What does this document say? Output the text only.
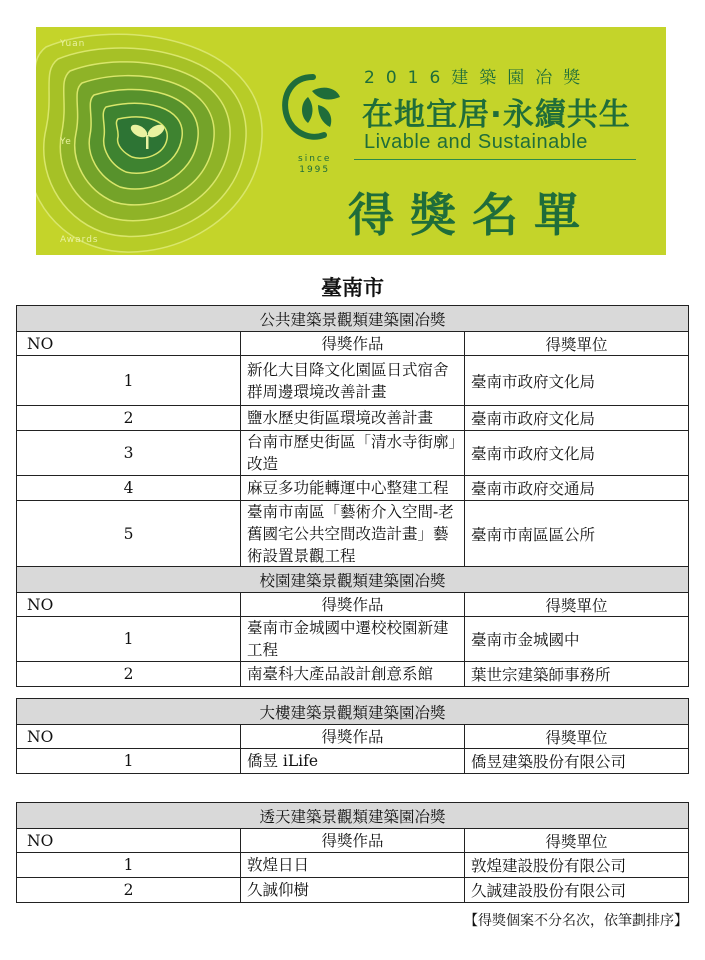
Yuan
Ye
Awards
since
1995
2016建築園冶獎
在地宜居·永續共生
Livable and Sustainable
得獎名單
臺南市
公共建築景觀類建築園冶獎		
NO	得獎作品	得獎單位
1	新化大目降文化園區日式宿舍群周邊環境改善計畫	臺南市政府文化局
2	鹽水歷史街區環境改善計畫	臺南市政府文化局
3	台南市歷史街區「清水寺街廓」改造	臺南市政府文化局
4	麻豆多功能轉運中心整建工程	臺南市政府交通局
5	臺南市南區「藝術介入空間-老舊國宅公共空間改造計畫」藝術設置景觀工程	臺南市南區區公所
校園建築景觀類建築園冶獎		
NO	得獎作品	得獎單位
1	臺南市金城國中遷校校園新建工程	臺南市金城國中
2	南臺科大產品設計創意系館	葉世宗建築師事務所
大樓建築景觀類建築園冶獎		
NO	得獎作品	得獎單位
1	僑昱 iLife	僑昱建築股份有限公司
透天建築景觀類建築園冶獎		
NO	得獎作品	得獎單位
1	敦煌日日	敦煌建設股份有限公司
2	久誠仰樹	久誠建設股份有限公司
【得獎個案不分名次，依筆劃排序】
